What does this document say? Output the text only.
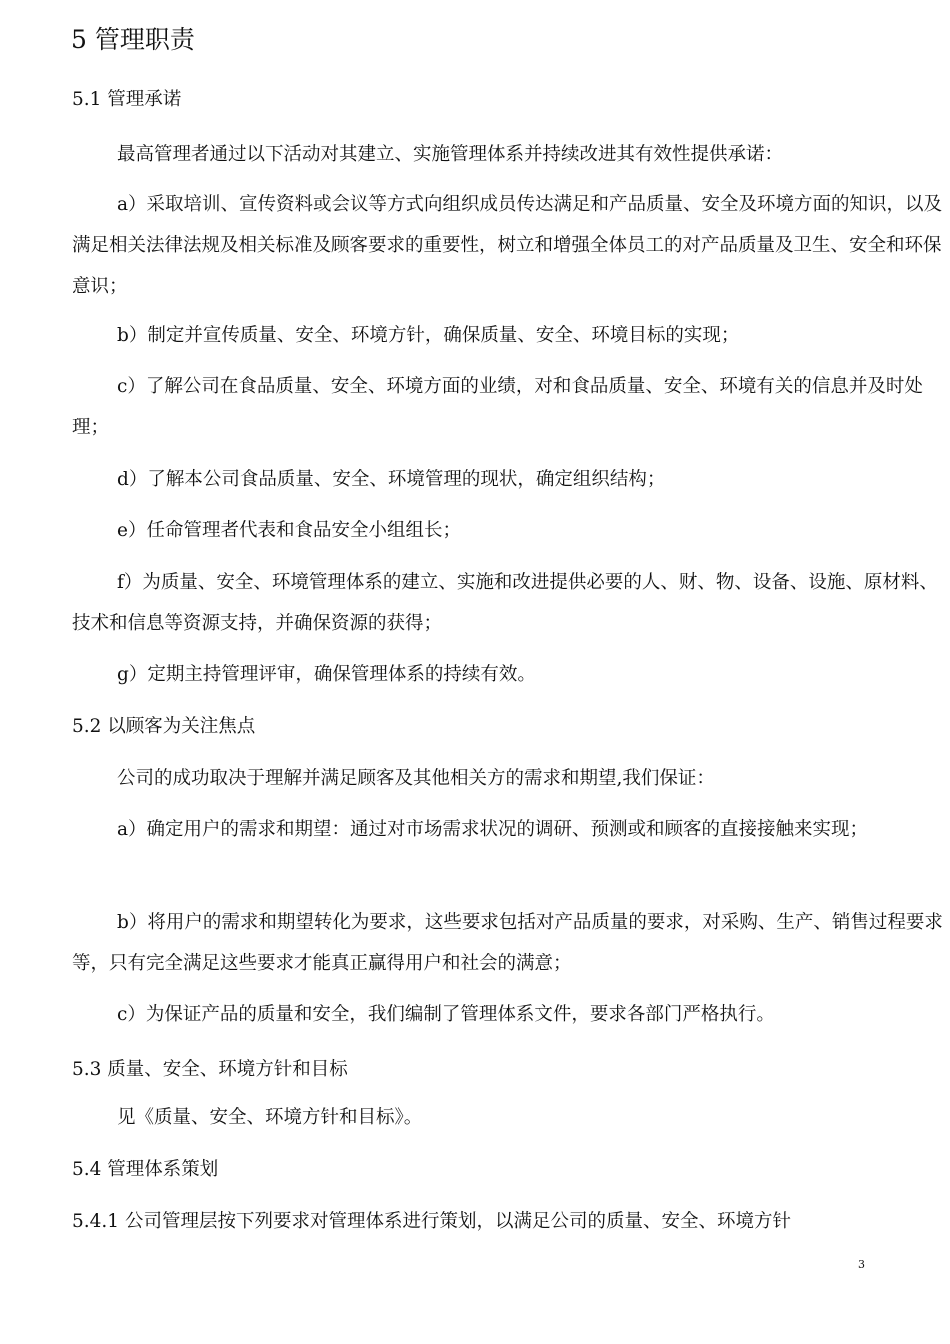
5 管理职责

5.1 管理承诺

最高管理者通过以下活动对其建立、实施管理体系并持续改进其有效性提供承诺：

a）采取培训、宣传资料或会议等方式向组织成员传达满足和产品质量、安全及环境方面的知识，以及满足相关法律法规及相关标准及顾客要求的重要性，树立和增强全体员工的对产品质量及卫生、安全和环保意识；

b）制定并宣传质量、安全、环境方针，确保质量、安全、环境目标的实现；

c）了解公司在食品质量、安全、环境方面的业绩，对和食品质量、安全、环境有关的信息并及时处理；

d）了解本公司食品质量、安全、环境管理的现状，确定组织结构；

e）任命管理者代表和食品安全小组组长；

f）为质量、安全、环境管理体系的建立、实施和改进提供必要的人、财、物、设备、设施、原材料、技术和信息等资源支持，并确保资源的获得；

g）定期主持管理评审，确保管理体系的持续有效。

5.2 以顾客为关注焦点

公司的成功取决于理解并满足顾客及其他相关方的需求和期望,我们保证：

a）确定用户的需求和期望：通过对市场需求状况的调研、预测或和顾客的直接接触来实现；

b）将用户的需求和期望转化为要求，这些要求包括对产品质量的要求，对采购、生产、销售过程要求等，只有完全满足这些要求才能真正赢得用户和社会的满意；

c）为保证产品的质量和安全，我们编制了管理体系文件，要求各部门严格执行。

5.3 质量、安全、环境方针和目标

见《质量、安全、环境方针和目标》。

5.4 管理体系策划

5.4.1 公司管理层按下列要求对管理体系进行策划，以满足公司的质量、安全、环境方针

3
